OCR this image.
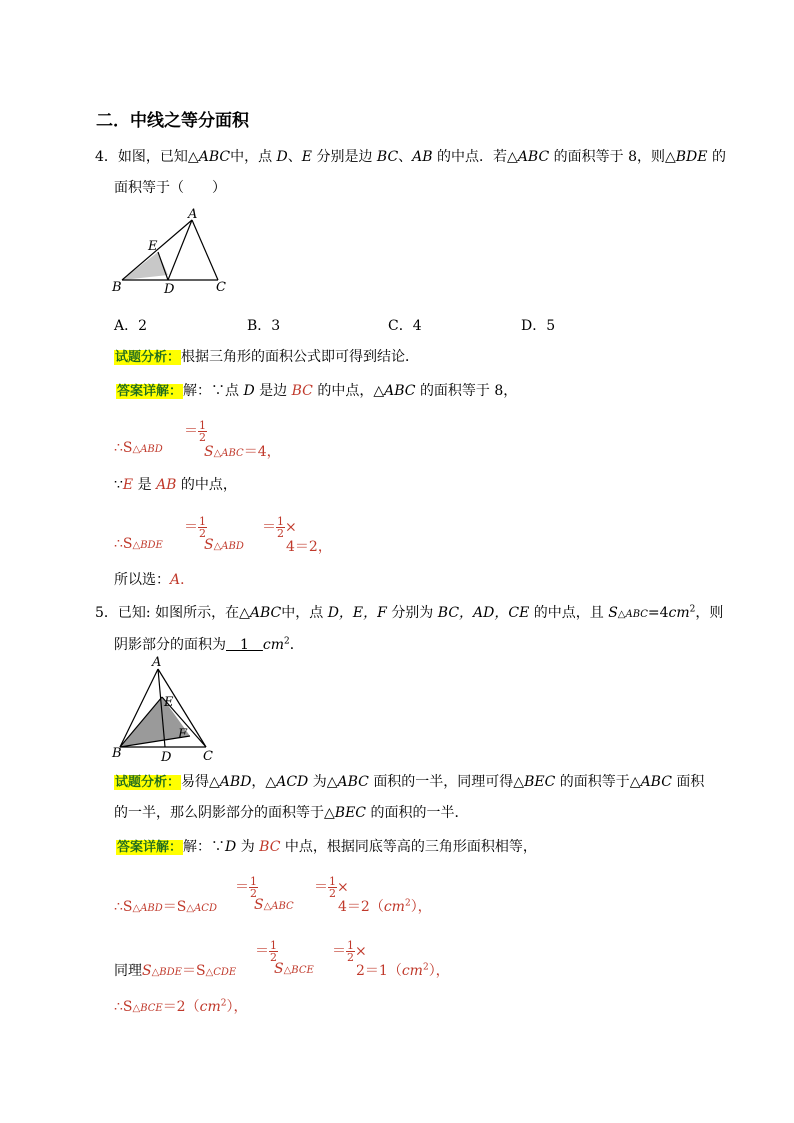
二．中线之等分面积
4．如图，已知△ABC中，点 D、E 分别是边 BC、AB 的中点．若△ABC 的面积等于 8，则△BDE 的
面积等于（　　）
A
B	C
D
E
A．2	B．3	C．4	D．5
试题分析：根据三角形的面积公式即可得到结论．
答案详解：解：∵点 D 是边 BC 的中点，△ABC 的面积等于 8，
∴S△ABD
＝ $\frac{1}{2}$
S△ABC＝4，
∵E 是 AB 的中点，
∴S△BDE
＝ $\frac{1}{2}$
S△ABD
＝ $\frac{1}{2}$ ×
4＝2，
所以选：A．
5．已知: 如图所示，在△ABC中，点 D，E，F 分别为 BC，AD，CE 的中点，且 $S\triangle ABC=4cm^2$，则
阴影部分的面积为　1　$cm^2$．
A
B	C
D
E
F
试题分析：易得△ABD，△ACD 为△ABC 面积的一半，同理可得△BEC 的面积等于△ABC 面积
的一半，那么阴影部分的面积等于△BEC 的面积的一半．
答案详解：解：∵D 为 BC 中点，根据同底等高的三角形面积相等，
∴S△ABD＝S△ACD
＝ $\frac{1}{2}$
S△ABC
＝ $\frac{1}{2}$ ×
$4=2(cm^2)$，
同理S△BDE＝S△CDE
＝ $\frac{1}{2}$
S△BCE
＝ $\frac{1}{2}$ ×
$2=1(cm^2)$，
$\therefore S\triangle BCE=2(cm^2)$，
